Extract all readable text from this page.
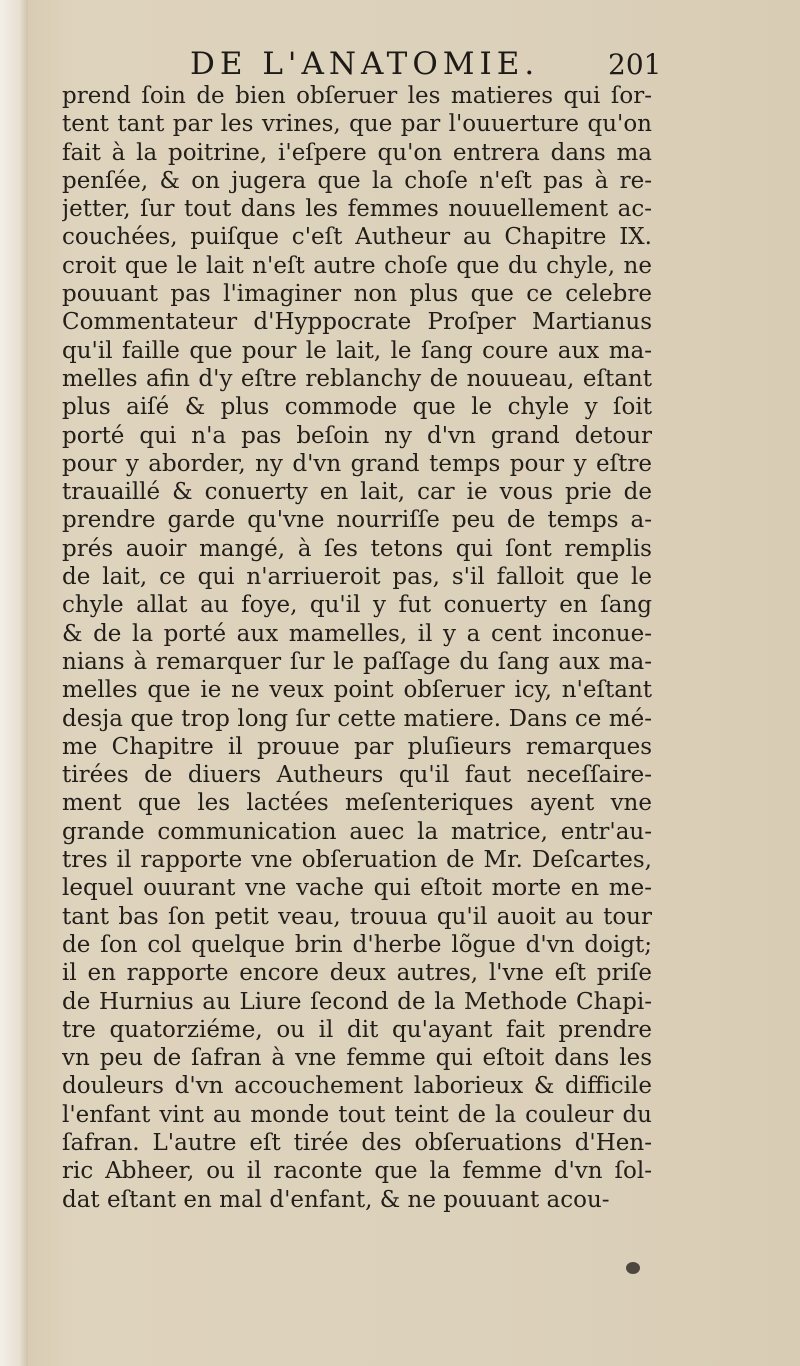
DE L'ANATOMIE. 201
prend ſoin de bien obſeruer les matieres qui ſor-
tent tant par les vrines, que par l'ouuerture qu'on
fait à la poitrine, i'eſpere qu'on entrera dans ma
penſée, & on jugera que la choſe n'eſt pas à re-
jetter, ſur tout dans les femmes nouuellement ac-
couchées, puiſque c'eſt Autheur au Chapitre IX.
croit que le lait n'eſt autre choſe que du chyle, ne
pouuant pas l'imaginer non plus que ce celebre
Commentateur d'Hyppocrate Proſper Martianus
qu'il faille que pour le lait, le ſang coure aux ma-
melles afin d'y eſtre reblanchy de nouueau, eſtant
plus aiſé & plus commode que le chyle y ſoit
porté qui n'a pas beſoin ny d'vn grand detour
pour y aborder, ny d'vn grand temps pour y eſtre
trauaillé & conuerty en lait, car ie vous prie de
prendre garde qu'vne nourriſſe peu de temps a-
prés auoir mangé, à ſes tetons qui ſont remplis
de lait, ce qui n'arriueroit pas, s'il falloit que le
chyle allat au foye, qu'il y fut conuerty en ſang
& de la porté aux mamelles, il y a cent inconue-
nians à remarquer ſur le paſſage du ſang aux ma-
melles que ie ne veux point obſeruer icy, n'eſtant
desja que trop long ſur cette matiere. Dans ce mé-
me Chapitre il prouue par pluſieurs remarques
tirées de diuers Autheurs qu'il faut neceſſaire-
ment que les lactées meſenteriques ayent vne
grande communication auec la matrice, entr'au-
tres il rapporte vne obſeruation de Mr. Deſcartes,
lequel ouurant vne vache qui eſtoit morte en me-
tant bas ſon petit veau, trouua qu'il auoit au tour
de ſon col quelque brin d'herbe lõgue d'vn doigt;
il en rapporte encore deux autres, l'vne eſt priſe
de Hurnius au Liure ſecond de la Methode Chapi-
tre quatorziéme, ou il dit qu'ayant fait prendre
vn peu de ſafran à vne femme qui eſtoit dans les
douleurs d'vn accouchement laborieux & difficile
l'enfant vint au monde tout teint de la couleur du
ſafran. L'autre eſt tirée des obſeruations d'Hen-
ric Abheer, ou il raconte que la femme d'vn ſol-
dat eſtant en mal d'enfant, & ne pouuant acou-
